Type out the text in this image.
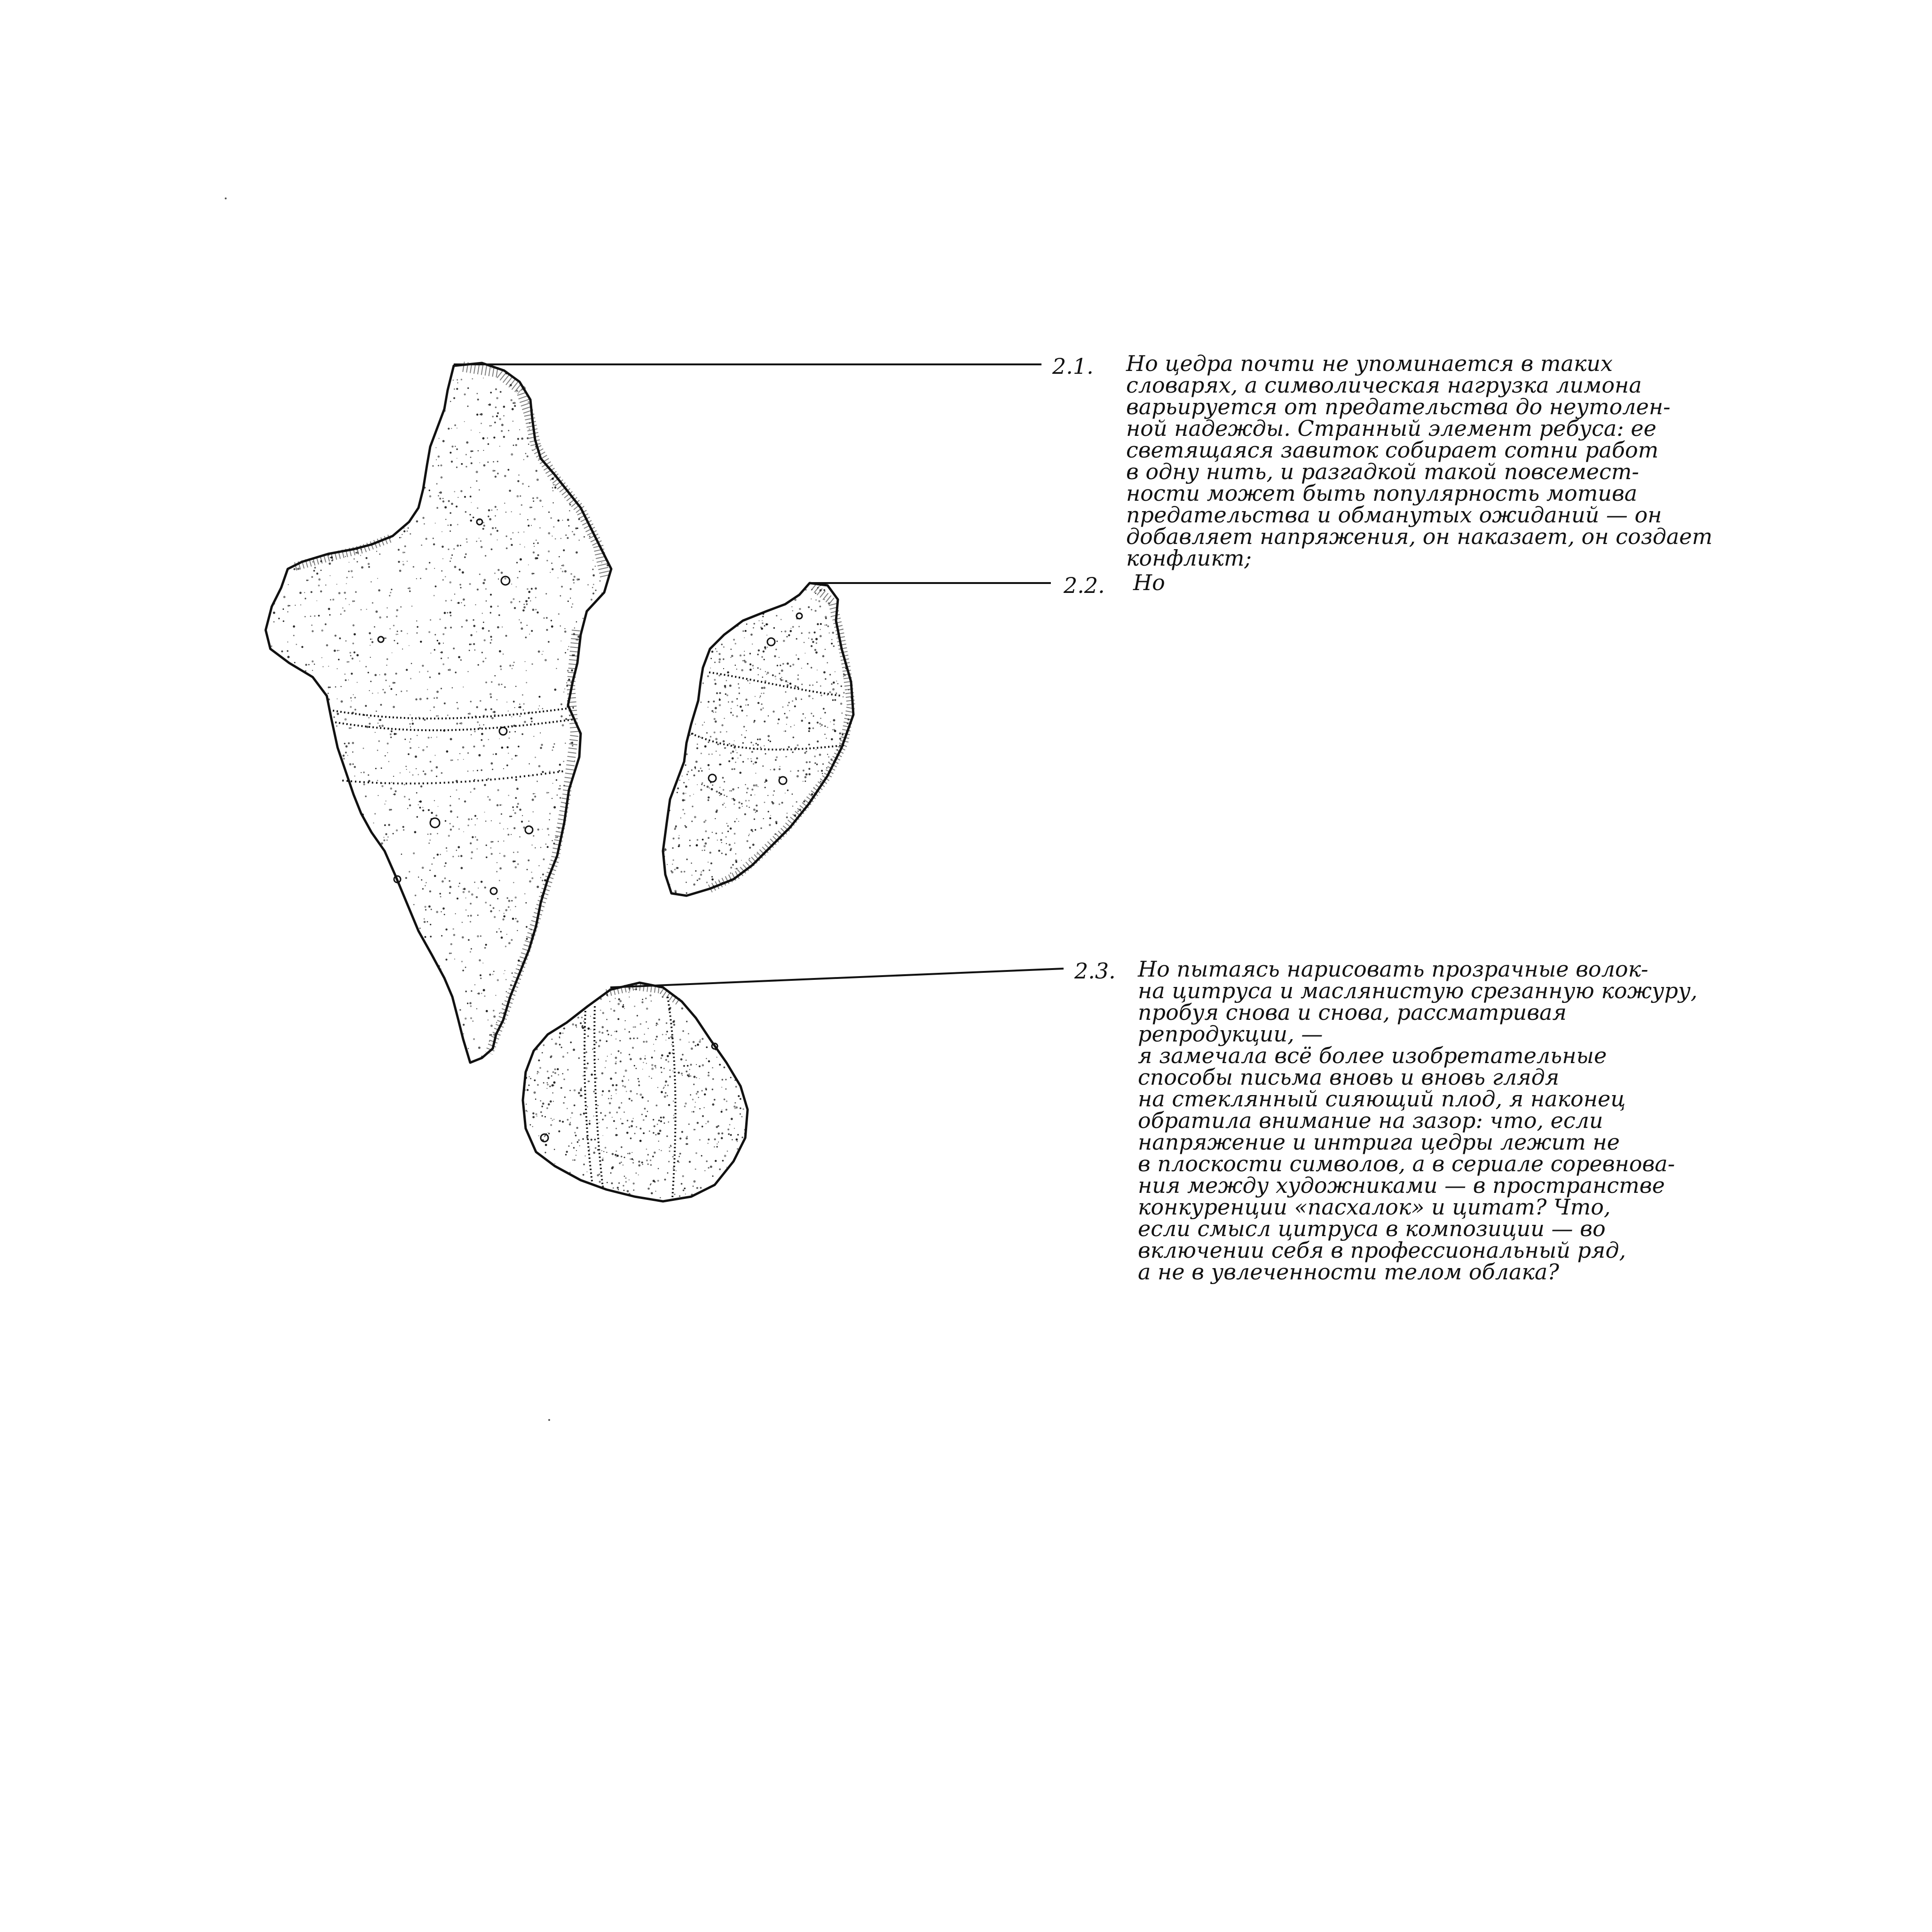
2.1.
2.2.
2.3.
Но цедра почти не упоминается в таких
словарях, а символическая нагрузка лимона
варьируется от предательства до неутолен-
ной надежды. Странный элемент ребуса: ее
светящаяся завиток собирает сотни работ
в одну нить, и разгадкой такой повсемест-
ности может быть популярность мотива
предательства и обманутых ожиданий — он
добавляет напряжения, он наказает, он создает
конфликт;
Но
Но пытаясь нарисовать прозрачные волок-
на цитруса и маслянистую срезанную кожуру,
пробуя снова и снова, рассматривая
репродукции, —
я замечала всё более изобретательные
способы письма вновь и вновь глядя
на стеклянный сияющий плод, я наконец
обратила внимание на зазор: что, если
напряжение и интрига цедры лежит не
в плоскости символов, а в сериале соревнова-
ния между художниками — в пространстве
конкуренции «пасхалок» и цитат? Что,
если смысл цитруса в композиции — во
включении себя в профессиональный ряд,
а не в увлеченности телом облака?
